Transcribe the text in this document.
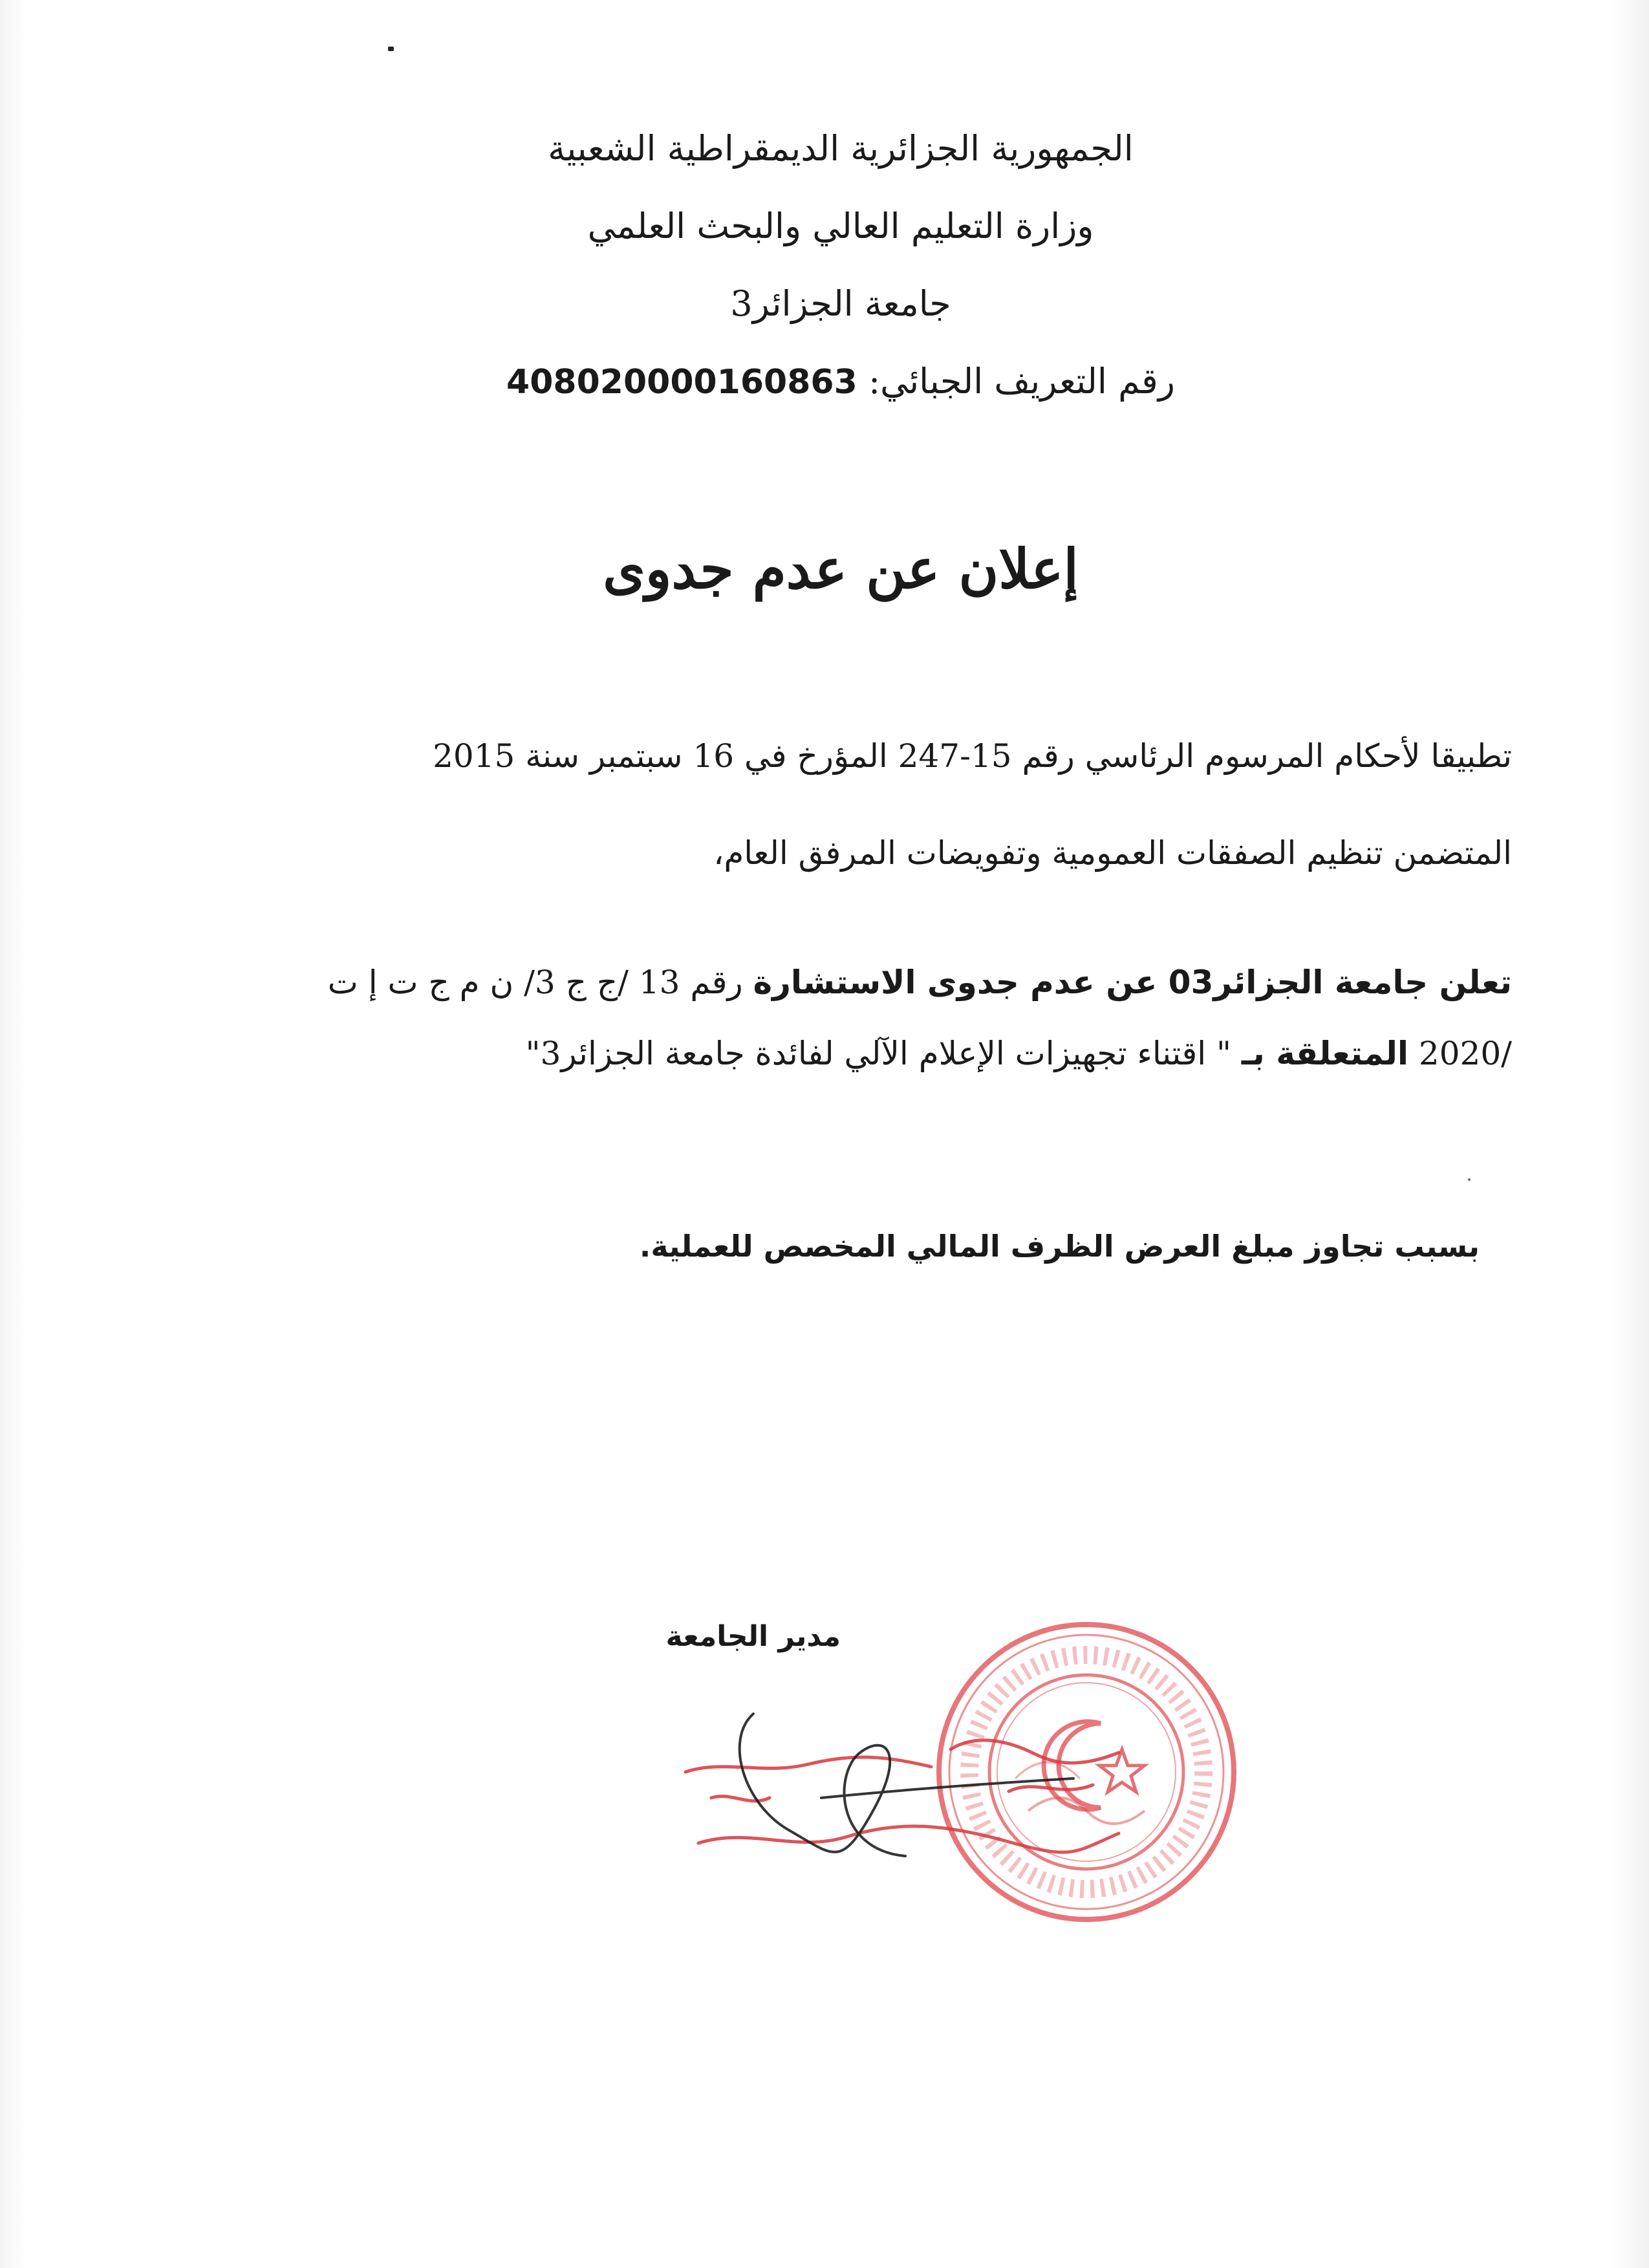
الجمهورية الجزائرية الديمقراطية الشعبية
وزارة التعليم العالي والبحث العلمي
جامعة الجزائر3
رقم التعريف الجبائي: 408020000160863
إعلان عن عدم جدوى
تطبيقا لأحكام المرسوم الرئاسي رقم 15-247 المؤرخ في 16 سبتمبر سنة 2015
المتضمن تنظيم الصفقات العمومية وتفويضات المرفق العام،
تعلن جامعة الجزائر03 عن عدم جدوى الاستشارة رقم 13 /ج ج 3/ ن م ج ت إ ت
/2020 المتعلقة بـ " اقتناء تجهيزات الإعلام الآلي لفائدة جامعة الجزائر3"
بسبب تجاوز مبلغ العرض الظرف المالي المخصص للعملية.
مدير الجامعة
